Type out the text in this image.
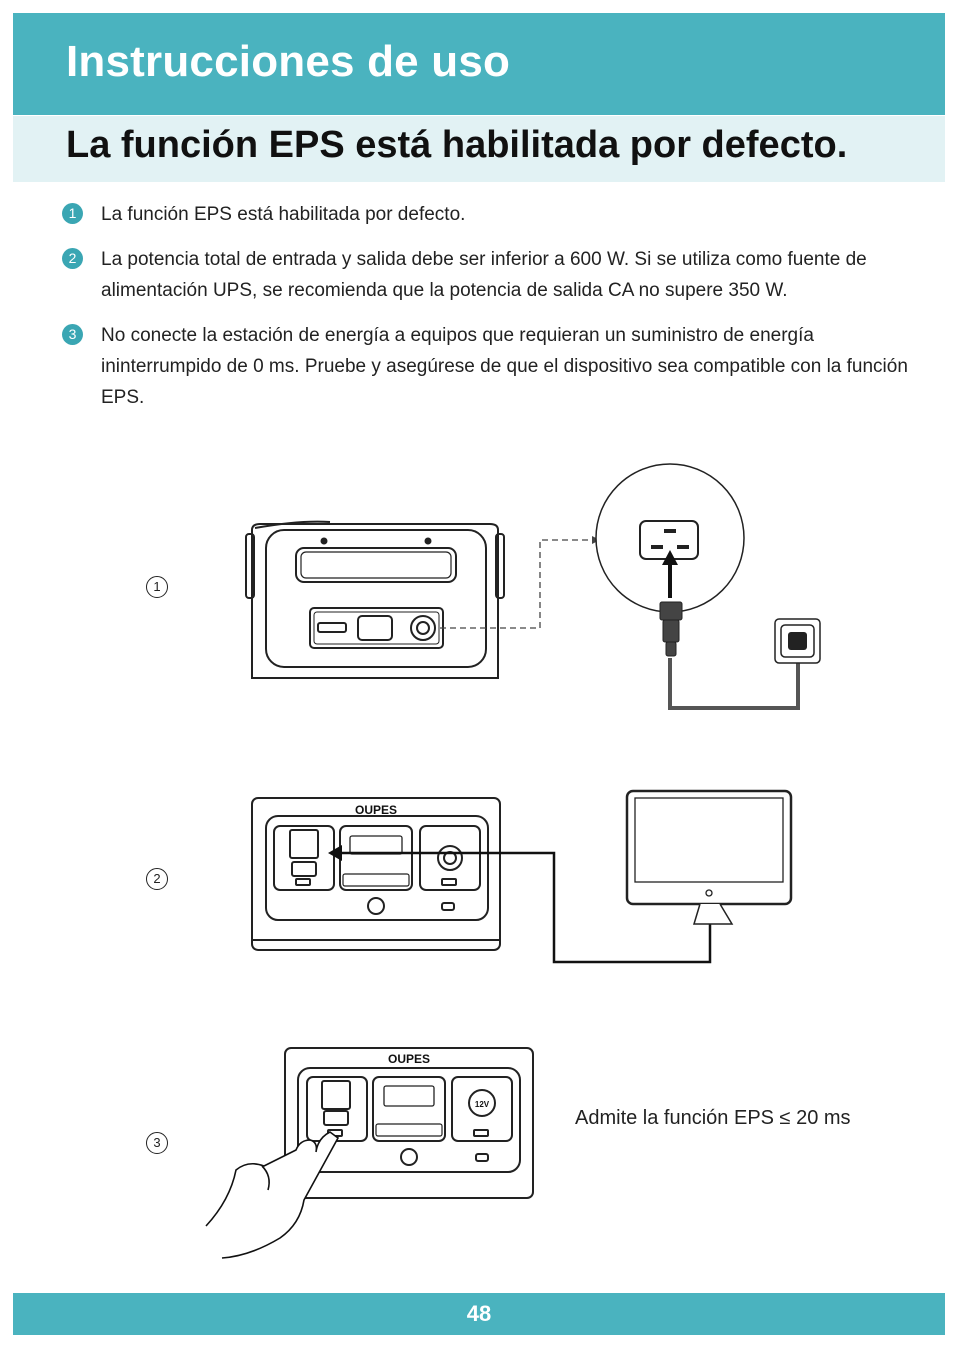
Instrucciones de uso
La función EPS está habilitada por defecto.
1	La función EPS está habilitada por defecto.
2	La potencia total de entrada y salida debe ser inferior a 600 W. Si se utiliza como fuente de alimentación UPS, se recomienda que la potencia de salida CA no supere 350 W.
3	No conecte la estación de energía a equipos que requieran un suministro de energía ininterrumpido de 0 ms. Pruebe y asegúrese de que el dispositivo sea compatible con la función EPS.
1
2
3
OUPES
OUPES
12V
Admite la función EPS ≤ 20 ms
48
